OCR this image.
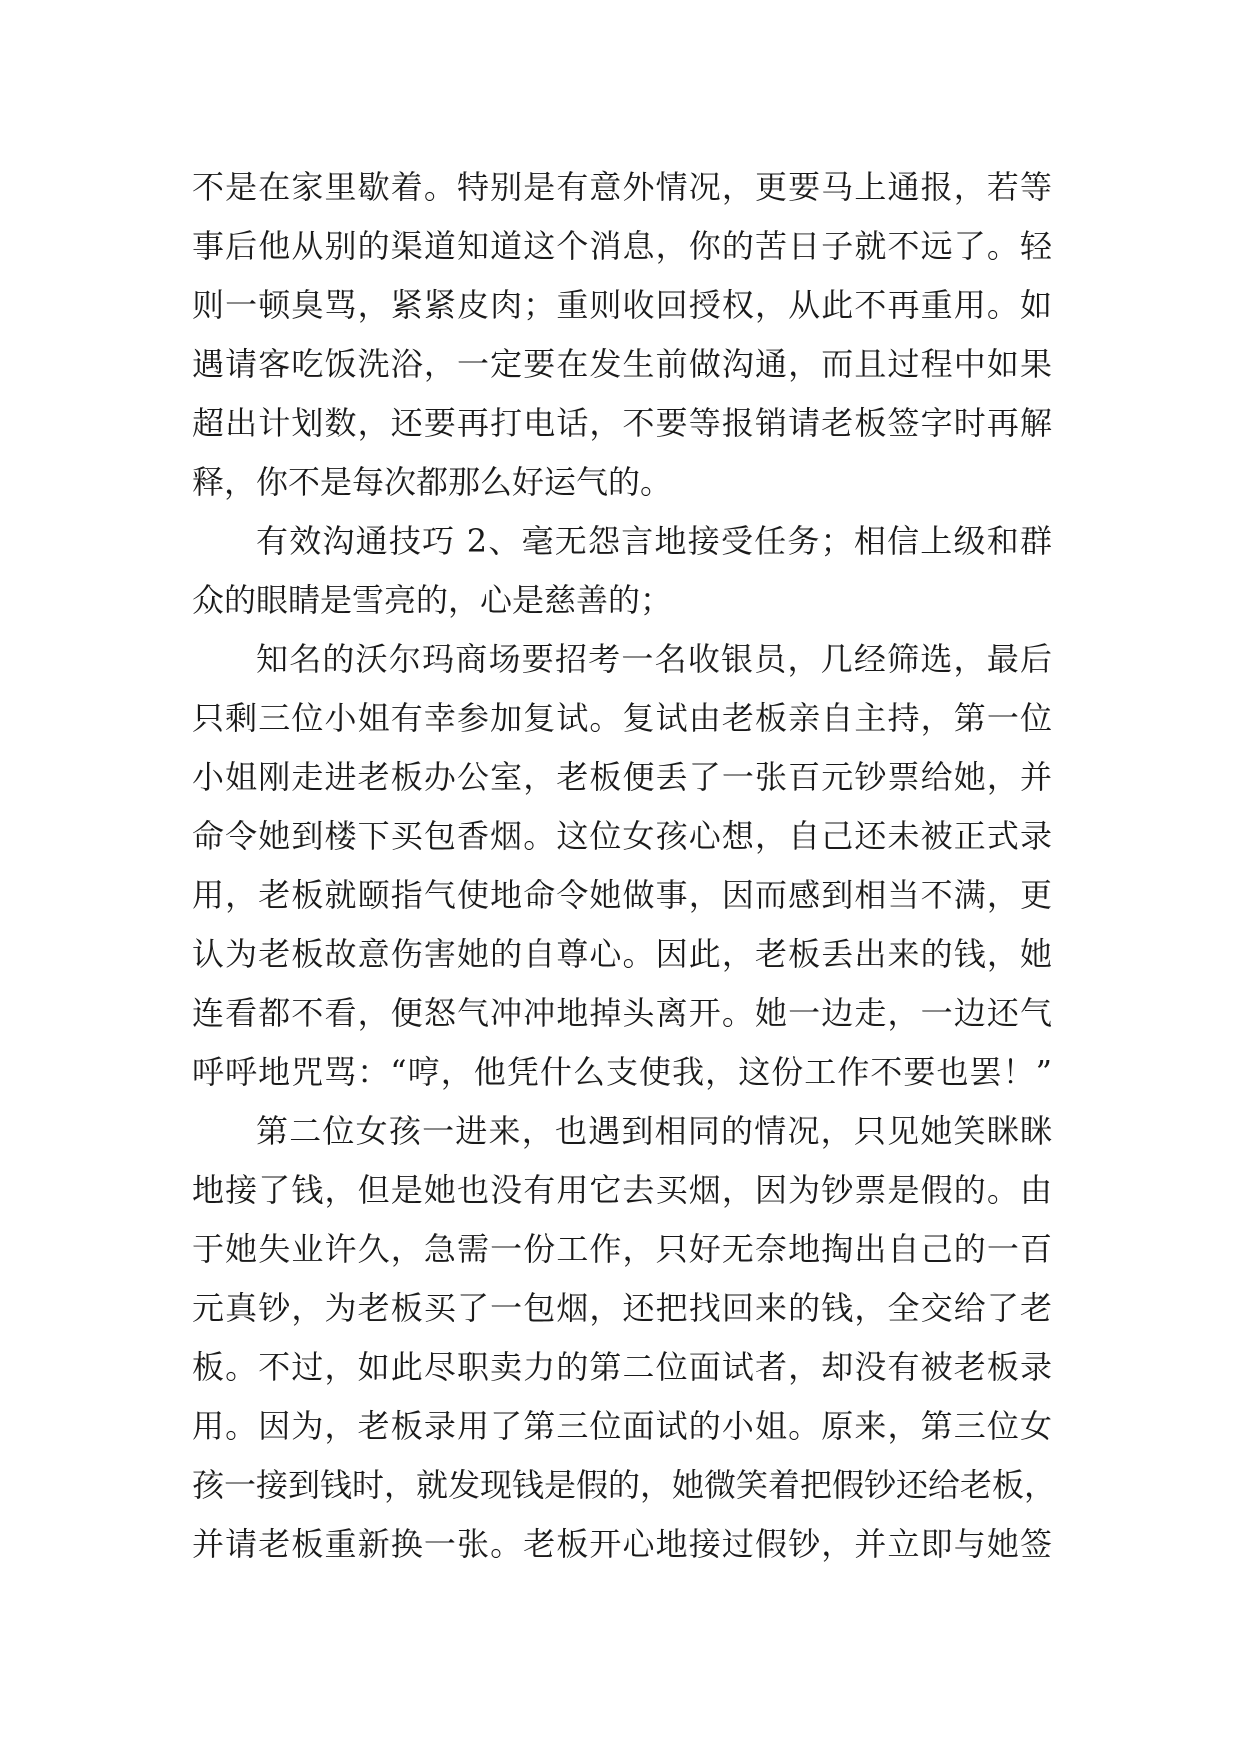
不是在家里歇着。特别是有意外情况，更要马上通报，若等
事后他从别的渠道知道这个消息，你的苦日子就不远了。轻
则一顿臭骂，紧紧皮肉；重则收回授权，从此不再重用。如
遇请客吃饭洗浴，一定要在发生前做沟通，而且过程中如果
超出计划数，还要再打电话，不要等报销请老板签字时再解
释，你不是每次都那么好运气的。
有效沟通技巧 2、毫无怨言地接受任务；相信上级和群
众的眼睛是雪亮的，心是慈善的；
知名的沃尔玛商场要招考一名收银员，几经筛选，最后
只剩三位小姐有幸参加复试。复试由老板亲自主持，第一位
小姐刚走进老板办公室，老板便丢了一张百元钞票给她，并
命令她到楼下买包香烟。这位女孩心想，自己还未被正式录
用，老板就颐指气使地命令她做事，因而感到相当不满，更
认为老板故意伤害她的自尊心。因此，老板丢出来的钱，她
连看都不看，便怒气冲冲地掉头离开。她一边走，一边还气
呼呼地咒骂：“哼，他凭什么支使我，这份工作不要也罢！”
第二位女孩一进来，也遇到相同的情况，只见她笑眯眯
地接了钱，但是她也没有用它去买烟，因为钞票是假的。由
于她失业许久，急需一份工作，只好无奈地掏出自己的一百
元真钞，为老板买了一包烟，还把找回来的钱，全交给了老
板。不过，如此尽职卖力的第二位面试者，却没有被老板录
用。因为，老板录用了第三位面试的小姐。原来，第三位女
孩一接到钱时，就发现钱是假的，她微笑着把假钞还给老板，
并请老板重新换一张。老板开心地接过假钞，并立即与她签
